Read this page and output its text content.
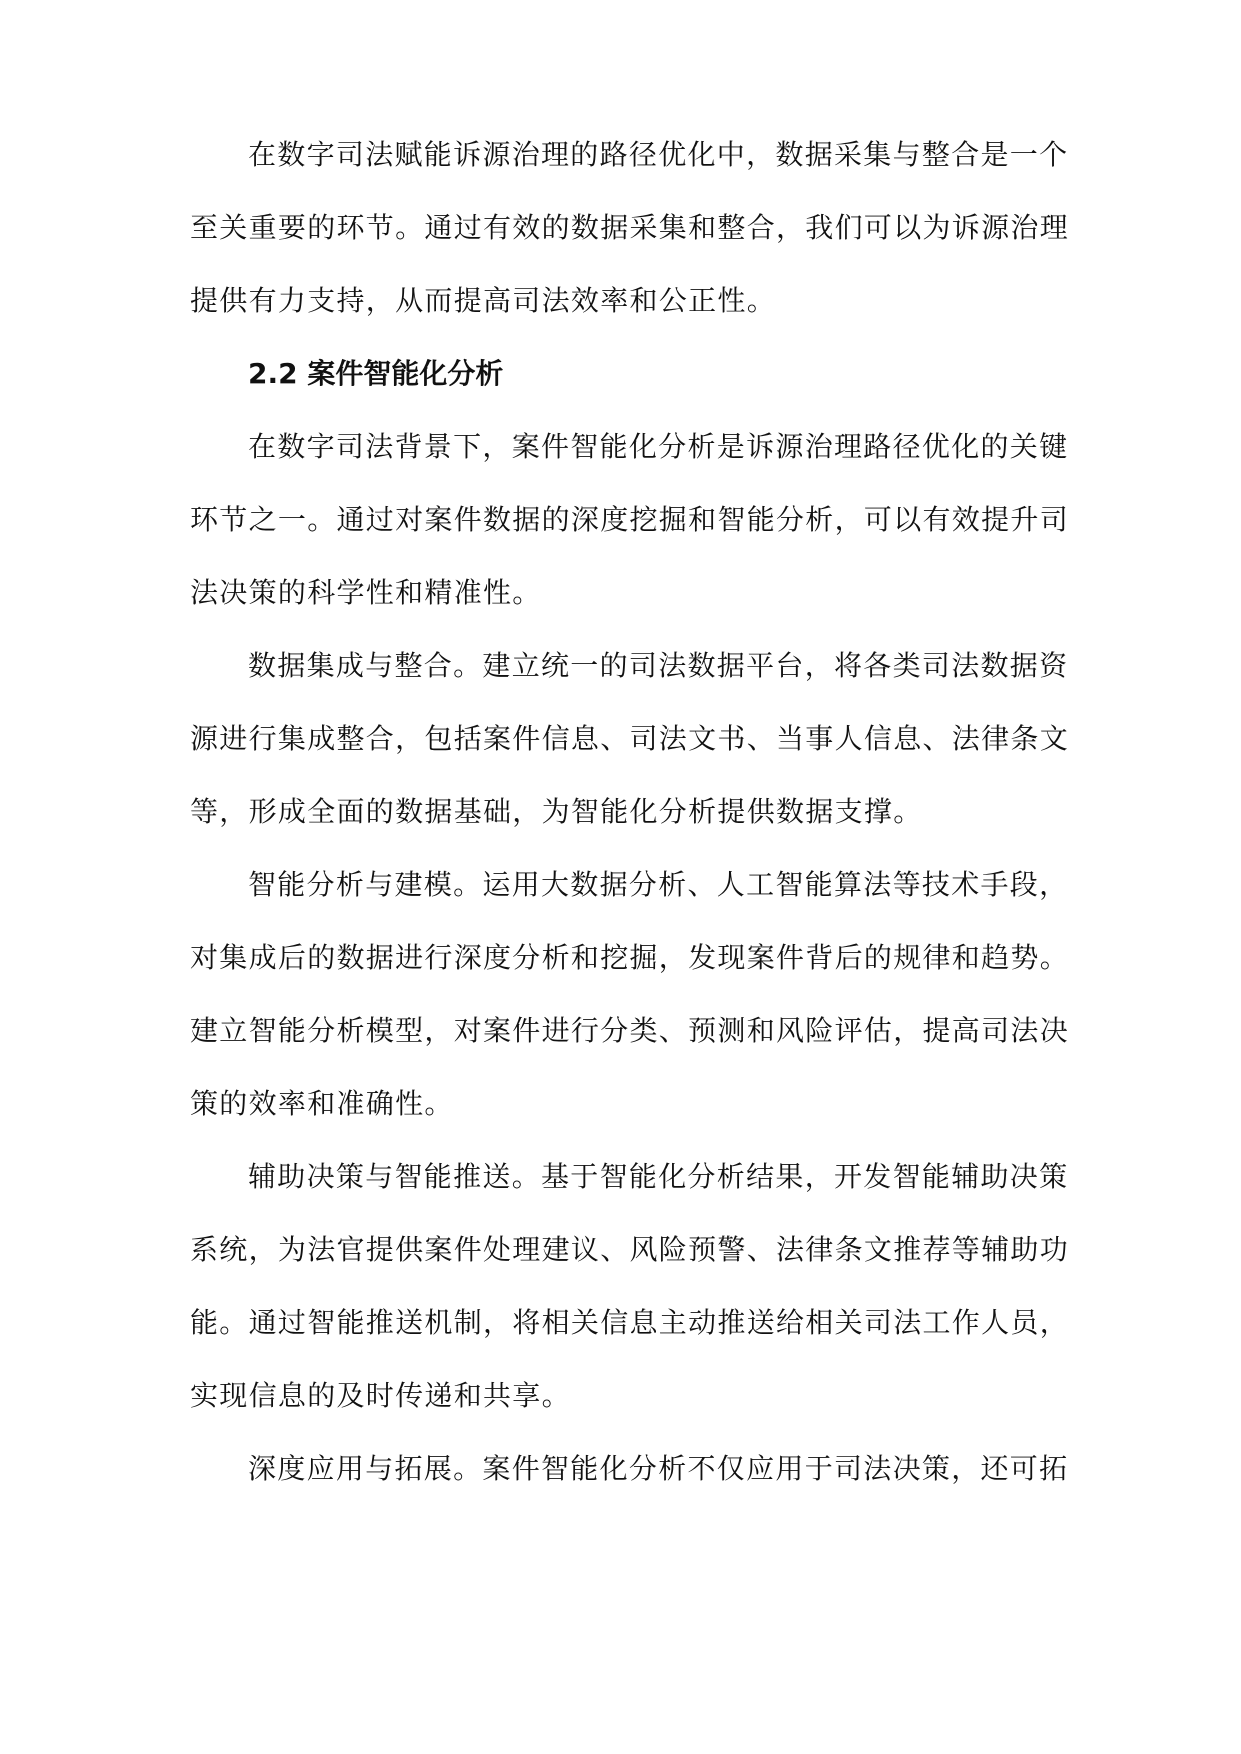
在数字司法赋能诉源治理的路径优化中，数据采集与整合是一个
至关重要的环节。通过有效的数据采集和整合，我们可以为诉源治理
提供有力支持，从而提高司法效率和公正性。
2.2 案件智能化分析
在数字司法背景下，案件智能化分析是诉源治理路径优化的关键
环节之一。通过对案件数据的深度挖掘和智能分析，可以有效提升司
法决策的科学性和精准性。
数据集成与整合。建立统一的司法数据平台，将各类司法数据资
源进行集成整合，包括案件信息、司法文书、当事人信息、法律条文
等，形成全面的数据基础，为智能化分析提供数据支撑。
智能分析与建模。运用大数据分析、人工智能算法等技术手段，
对集成后的数据进行深度分析和挖掘，发现案件背后的规律和趋势。
建立智能分析模型，对案件进行分类、预测和风险评估，提高司法决
策的效率和准确性。
辅助决策与智能推送。基于智能化分析结果，开发智能辅助决策
系统，为法官提供案件处理建议、风险预警、法律条文推荐等辅助功
能。通过智能推送机制，将相关信息主动推送给相关司法工作人员，
实现信息的及时传递和共享。
深度应用与拓展。案件智能化分析不仅应用于司法决策，还可拓
